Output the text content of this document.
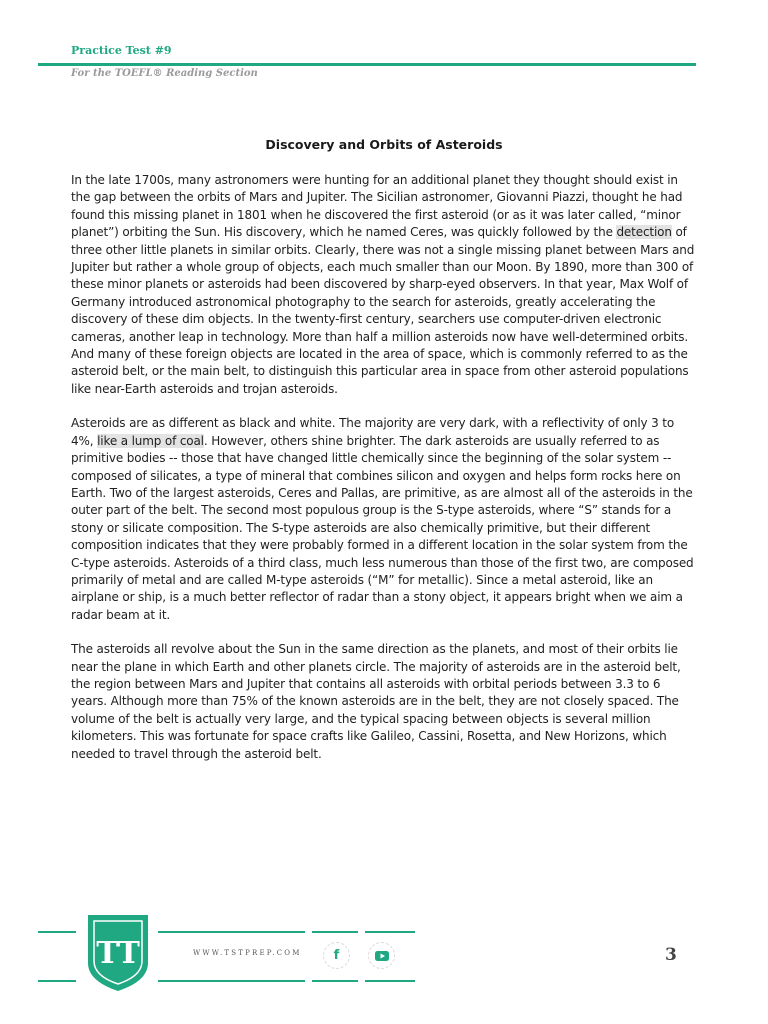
Practice Test #9
For the TOEFL® Reading Section
Discovery and Orbits of Asteroids

In the late 1700s, many astronomers were hunting for an additional planet they thought should exist in the gap between the orbits of Mars and Jupiter. The Sicilian astronomer, Giovanni Piazzi, thought he had found this missing planet in 1801 when he discovered the first asteroid (or as it was later called, “minor planet”) orbiting the Sun. His discovery, which he named Ceres, was quickly followed by the detection of three other little planets in similar orbits. Clearly, there was not a single missing planet between Mars and Jupiter but rather a whole group of objects, each much smaller than our Moon. By 1890, more than 300 of these minor planets or asteroids had been discovered by sharp-eyed observers. In that year, Max Wolf of Germany introduced astronomical photography to the search for asteroids, greatly accelerating the discovery of these dim objects. In the twenty-first century, searchers use computer-driven electronic cameras, another leap in technology. More than half a million asteroids now have well-determined orbits. And many of these foreign objects are located in the area of space, which is commonly referred to as the asteroid belt, or the main belt, to distinguish this particular area in space from other asteroid populations like near-Earth asteroids and trojan asteroids.

Asteroids are as different as black and white. The majority are very dark, with a reflectivity of only 3 to 4%, like a lump of coal. However, others shine brighter. The dark asteroids are usually referred to as primitive bodies -- those that have changed little chemically since the beginning of the solar system -- composed of silicates, a type of mineral that combines silicon and oxygen and helps form rocks here on Earth. Two of the largest asteroids, Ceres and Pallas, are primitive, as are almost all of the asteroids in the outer part of the belt. The second most populous group is the S-type asteroids, where “S” stands for a stony or silicate composition. The S-type asteroids are also chemically primitive, but their different composition indicates that they were probably formed in a different location in the solar system from the C-type asteroids. Asteroids of a third class, much less numerous than those of the first two, are composed primarily of metal and are called M-type asteroids (“M” for metallic). Since a metal asteroid, like an airplane or ship, is a much better reflector of radar than a stony object, it appears bright when we aim a radar beam at it.

The asteroids all revolve about the Sun in the same direction as the planets, and most of their orbits lie near the plane in which Earth and other planets circle. The majority of asteroids are in the asteroid belt, the region between Mars and Jupiter that contains all asteroids with orbital periods between 3.3 to 6 years. Although more than 75% of the known asteroids are in the belt, they are not closely spaced. The volume of the belt is actually very large, and the typical spacing between objects is several million kilometers. This was fortunate for space crafts like Galileo, Cassini, Rosetta, and New Horizons, which needed to travel through the asteroid belt.

TT	WWW.TSTPREP.COM f	3
